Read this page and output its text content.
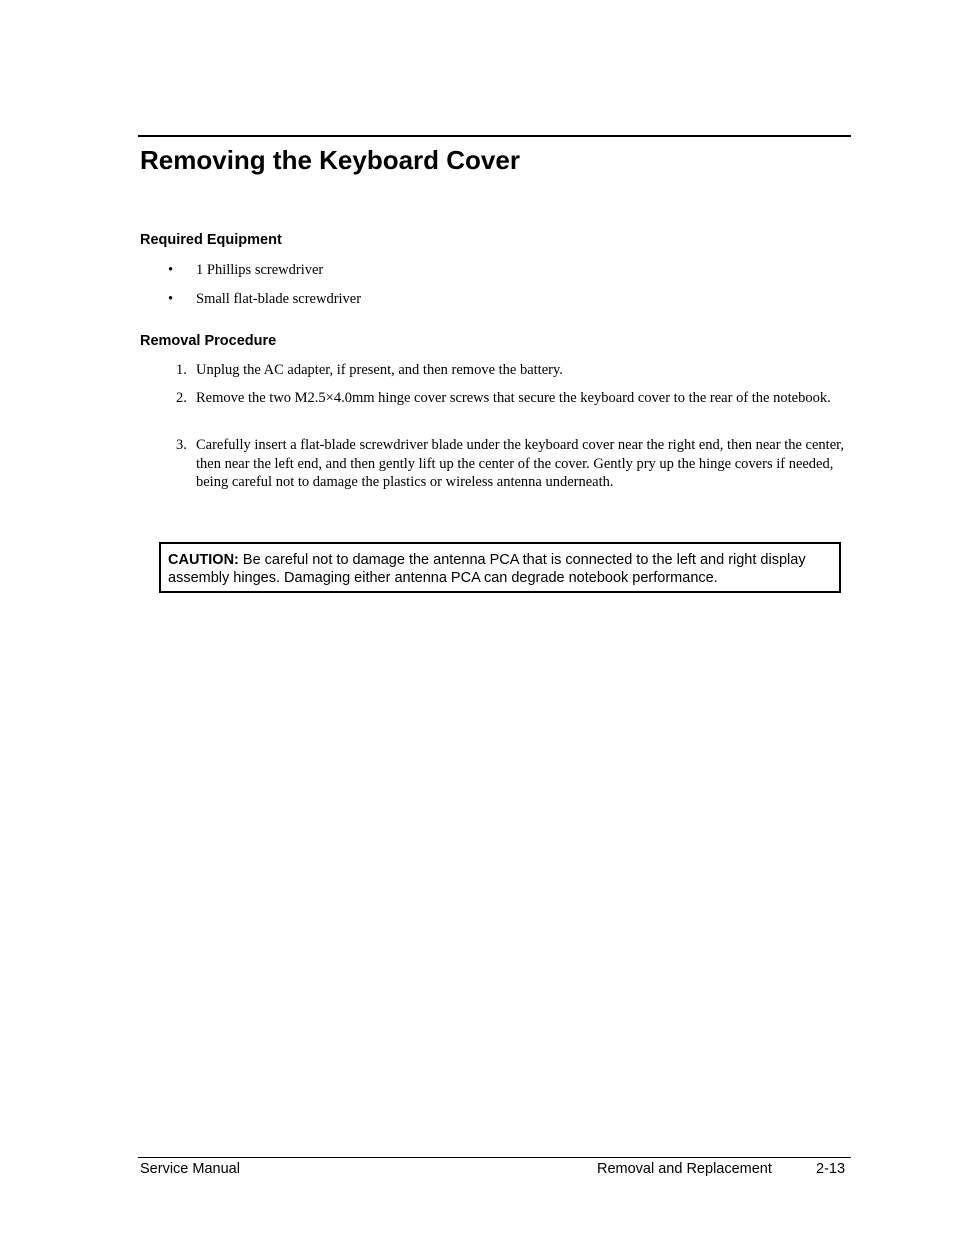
Removing the Keyboard Cover
Required Equipment
•	1 Phillips screwdriver
•	Small flat-blade screwdriver
Removal Procedure
1. Unplug the AC adapter, if present, and then remove the battery.
2. Remove the two M2.5×4.0mm hinge cover screws that secure the keyboard cover to the rear of the notebook.
3. Carefully insert a flat-blade screwdriver blade under the keyboard cover near the right end, then near the center, then near the left end, and then gently lift up the center of the cover. Gently pry up the hinge covers if needed, being careful not to damage the plastics or wireless antenna underneath.
CAUTION: Be careful not to damage the antenna PCA that is connected to the left and right display assembly hinges. Damaging either antenna PCA can degrade notebook performance.
Service Manual	Removal and Replacement	2-13
